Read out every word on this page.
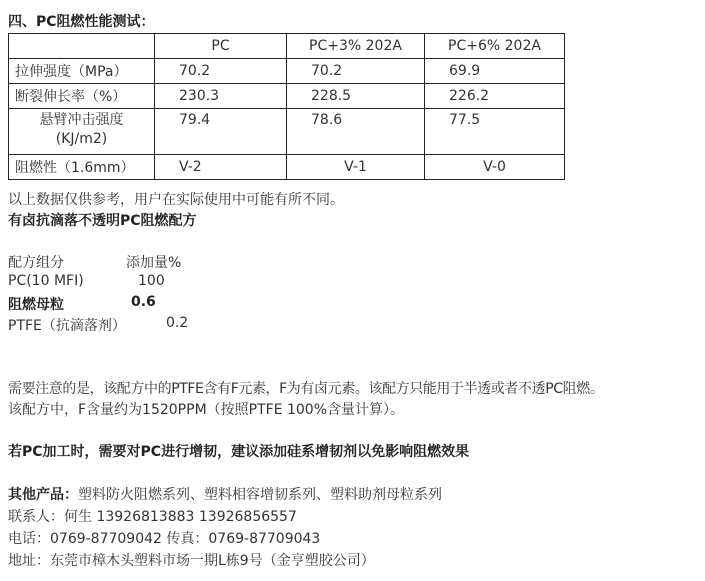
四、PC阻燃性能测试：
	PC	PC+3% 202A	PC+6% 202A
拉伸强度（MPa）	70.2	70.2	69.9
断裂伸长率（%）	230.3	228.5	226.2

悬臂冲击强度
(KJ/m2)	79.4	78.6	77.5
阻燃性（1.6mm）	V-2	V-1	V-0
以上数据仅供参考，用户在实际使用中可能有所不同。
有卤抗滴落不透明PC阻燃配方
配方组分	添加量%
PC(10 MFI)	100
阻燃母粒	0.6
PTFE（抗滴落剂）	0.2
需要注意的是，该配方中的PTFE含有F元素，F为有卤元素。该配方只能用于半透或者不透PC阻燃。
该配方中，F含量约为1520PPM（按照PTFE 100%含量计算）。
若PC加工时，需要对PC进行增韧，建议添加硅系增韧剂以免影响阻燃效果
其他产品：塑料防火阻燃系列、塑料相容增韧系列、塑料助剂母粒系列
联系人：何生 13926813883 13926856557
电话：0769-87709042 传真：0769-87709043
地址：东莞市樟木头塑料市场一期L栋9号（金亨塑胶公司）
